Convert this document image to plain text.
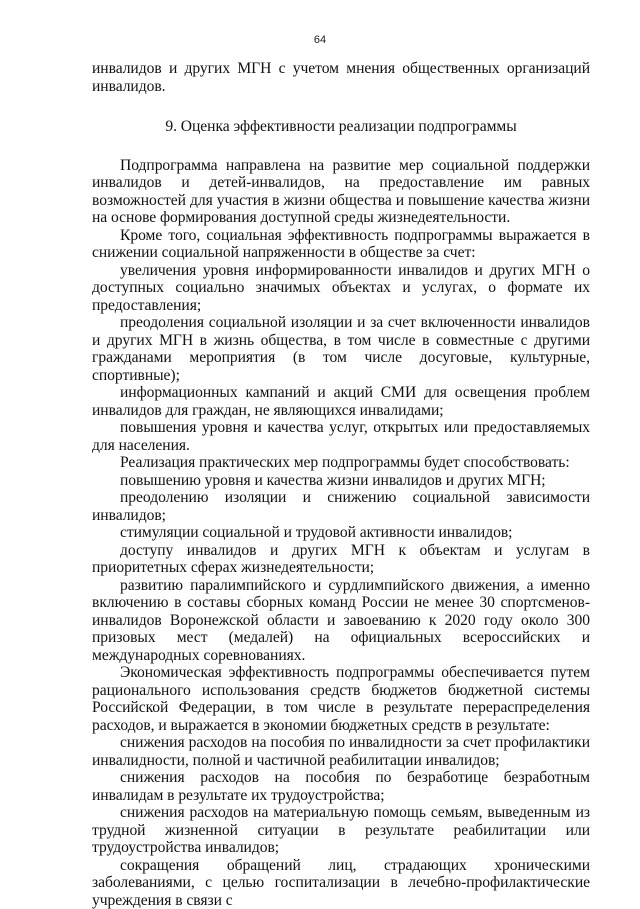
64

инвалидов и других МГН с учетом мнения общественных организаций инвалидов.

9. Оценка эффективности реализации подпрограммы

Подпрограмма направлена на развитие мер социальной поддержки инвалидов и детей-инвалидов, на предоставление им равных возможностей для участия в жизни общества и повышение качества жизни на основе формирования доступной среды жизнедеятельности.

Кроме того, социальная эффективность подпрограммы выражается в снижении социальной напряженности в обществе за счет:

увеличения уровня информированности инвалидов и других МГН о доступных социально значимых объектах и услугах, о формате их предоставления;

преодоления социальной изоляции и за счет включенности инвалидов и других МГН в жизнь общества, в том числе в совместные с другими гражданами мероприятия (в том числе досуговые, культурные, спортивные);

информационных кампаний и акций СМИ для освещения проблем инвалидов для граждан, не являющихся инвалидами;

повышения уровня и качества услуг, открытых или предоставляемых для населения.

Реализация практических мер подпрограммы будет способствовать:

повышению уровня и качества жизни инвалидов и других МГН;

преодолению изоляции и снижению социальной зависимости инвалидов;

стимуляции социальной и трудовой активности инвалидов;

доступу инвалидов и других МГН к объектам и услугам в приоритетных сферах жизнедеятельности;

развитию паралимпийского и сурдлимпийского движения, а именно включению в составы сборных команд России не менее 30 спортсменов-инвалидов Воронежской области и завоеванию к 2020 году около 300 призовых мест (медалей) на официальных всероссийских и международных соревнованиях.

Экономическая эффективность подпрограммы обеспечивается путем рационального использования средств бюджетов бюджетной системы Российской Федерации, в том числе в результате перераспределения расходов, и выражается в экономии бюджетных средств в результате:

снижения расходов на пособия по инвалидности за счет профилактики инвалидности, полной и частичной реабилитации инвалидов;

снижения расходов на пособия по безработице безработным инвалидам в результате их трудоустройства;

снижения расходов на материальную помощь семьям, выведенным из трудной жизненной ситуации в результате реабилитации или трудоустройства инвалидов;

сокращения обращений лиц, страдающих хроническими заболеваниями, с целью госпитализации в лечебно-профилактические учреждения в связи с
